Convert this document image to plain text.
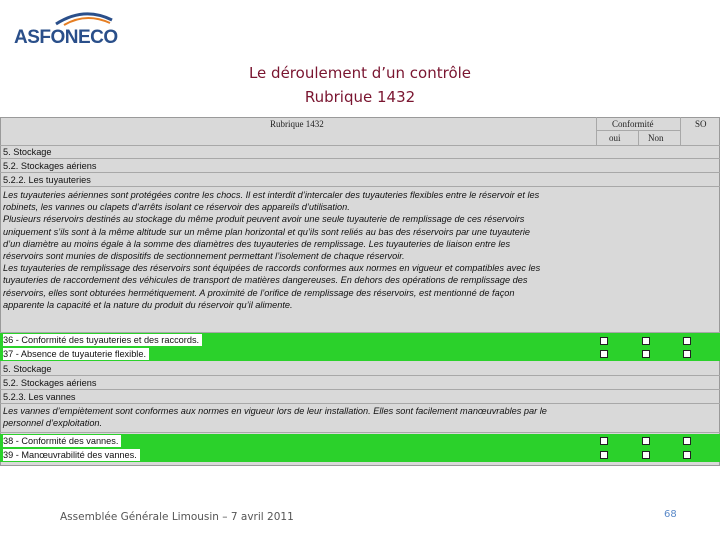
ASFONECO
Le déroulement d’un contrôle
Rubrique 1432
Rubrique 1432	Conformité	SO
oui	Non
5. Stockage
5.2. Stockages aériens
5.2.2. Les tuyauteries
Les tuyauteries aériennes sont protégées contre les chocs. Il est interdit d’intercaler des tuyauteries flexibles entre le réservoir et les
robinets, les vannes ou clapets d’arrêts isolant ce réservoir des appareils d’utilisation.
Plusieurs réservoirs destinés au stockage du même produit peuvent avoir une seule tuyauterie de remplissage de ces réservoirs
uniquement s’ils sont à la même altitude sur un même plan horizontal et qu’ils sont reliés au bas des réservoirs par une tuyauterie
d’un diamètre au moins égale à la somme des diamètres des tuyauteries de remplissage. Les tuyauteries de liaison entre les
réservoirs sont munies de dispositifs de sectionnement permettant l’isolement de chaque réservoir.
Les tuyauteries de remplissage des réservoirs sont équipées de raccords conformes aux normes en vigueur et compatibles avec les
tuyauteries de raccordement des véhicules de transport de matières dangereuses. En dehors des opérations de remplissage des
réservoirs, elles sont obturées hermétiquement. A proximité de l’orifice de remplissage des réservoirs, est mentionné de façon
apparente la capacité et la nature du produit du réservoir qu’il alimente.
36 - Conformité des tuyauteries et des raccords.
37 - Absence de tuyauterie flexible.
5. Stockage
5.2. Stockages aériens
5.2.3. Les vannes
Les vannes d’empiètement sont conformes aux normes en vigueur lors de leur installation. Elles sont facilement manœuvrables par le
personnel d’exploitation.
38 - Conformité des vannes.
39 - Manœuvrabilité des vannes.
Assemblée Générale Limousin – 7 avril 2011	68
